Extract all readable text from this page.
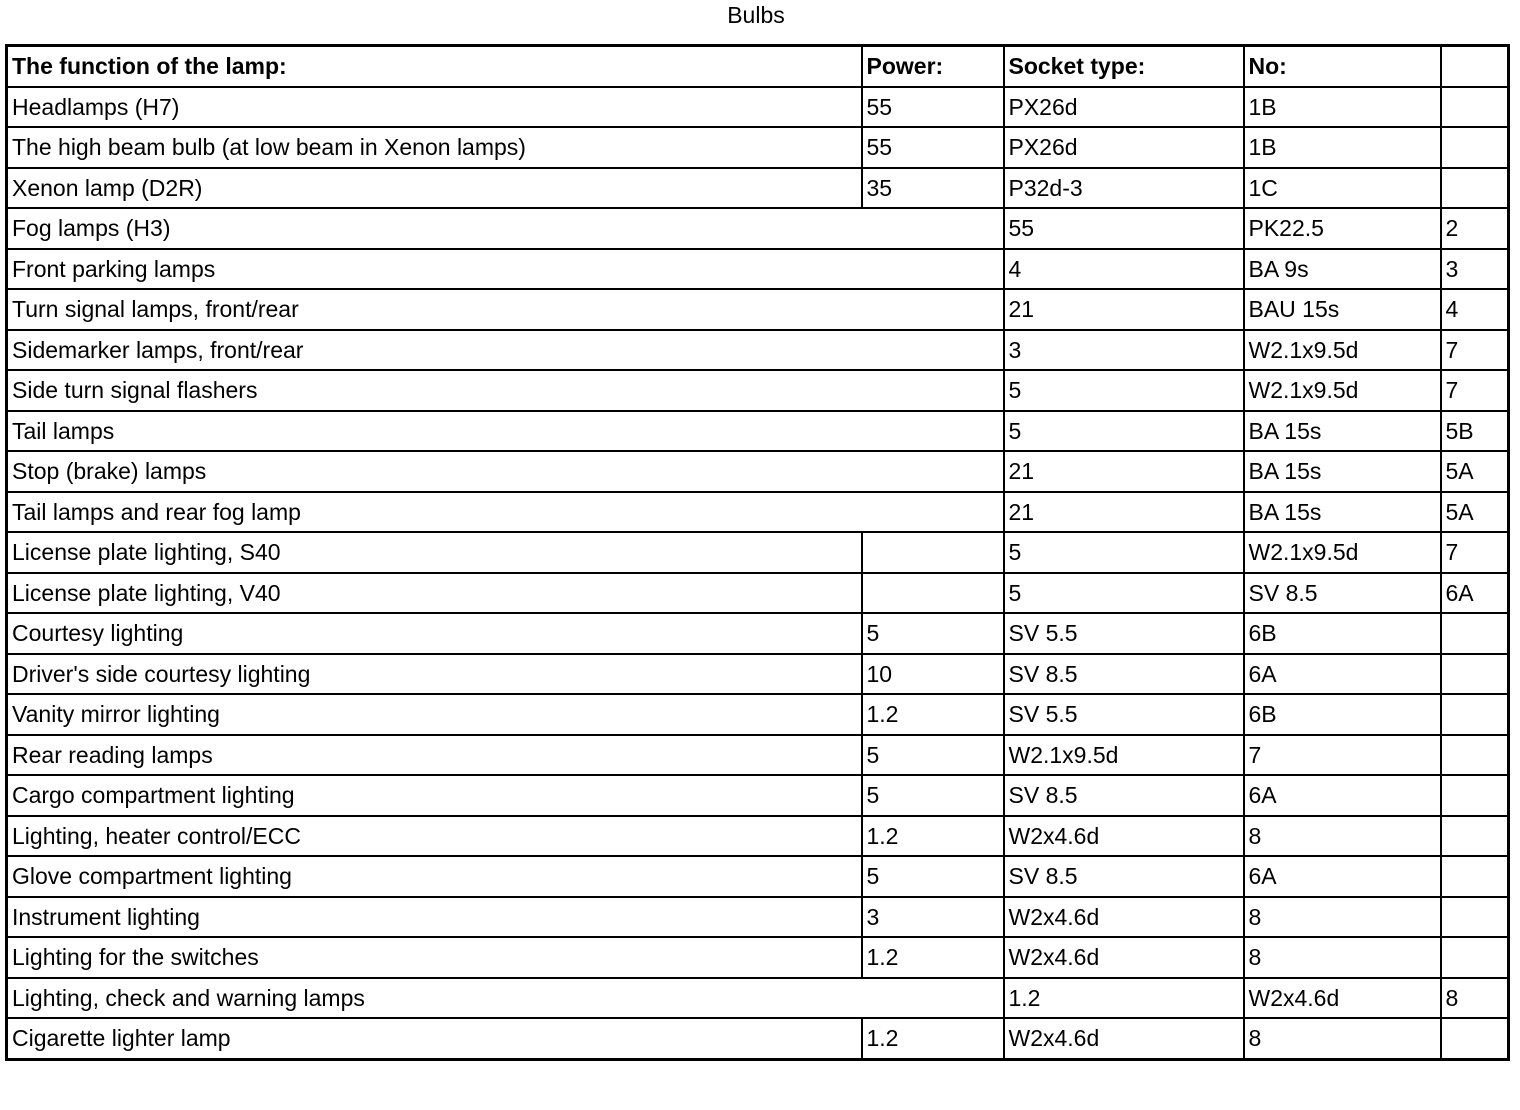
Bulbs
The function of the lamp:	Power:	Socket type:	No:	
Headlamps (H7)	55	PX26d	1B	
The high beam bulb (at low beam in Xenon lamps)	55	PX26d	1B	
Xenon lamp (D2R)	35	P32d-3	1C	
Fog lamps (H3)		55	PK22.5	2
Front parking lamps		4	BA 9s	3
Turn signal lamps, front/rear		21	BAU 15s	4
Sidemarker lamps, front/rear		3	W2.1x9.5d	7
Side turn signal flashers		5	W2.1x9.5d	7
Tail lamps		5	BA 15s	5B
Stop (brake) lamps		21	BA 15s	5A
Tail lamps and rear fog lamp		21	BA 15s	5A
License plate lighting, S40		5	W2.1x9.5d	7
License plate lighting, V40		5	SV 8.5	6A
Courtesy lighting	5	SV 5.5	6B	
Driver's side courtesy lighting	10	SV 8.5	6A	
Vanity mirror lighting	1.2	SV 5.5	6B	
Rear reading lamps	5	W2.1x9.5d	7	
Cargo compartment lighting	5	SV 8.5	6A	
Lighting, heater control/ECC	1.2	W2x4.6d	8	
Glove compartment lighting	5	SV 8.5	6A	
Instrument lighting	3	W2x4.6d	8	
Lighting for the switches	1.2	W2x4.6d	8	
Lighting, check and warning lamps		1.2	W2x4.6d	8
Cigarette lighter lamp	1.2	W2x4.6d	8	
